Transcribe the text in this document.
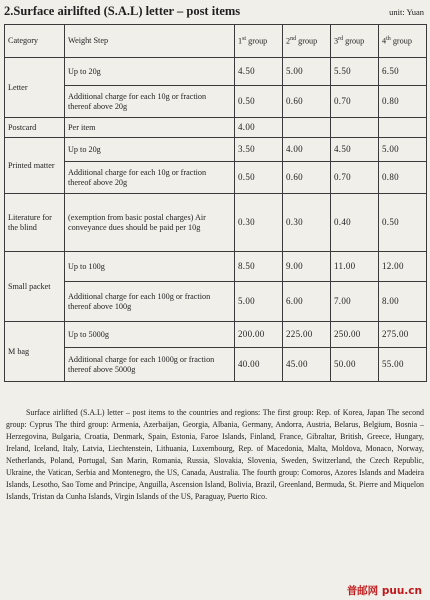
2.Surface airlifted (S.A.L) letter – post items	unit: Yuan
Category	Weight Step	1st group	2nd group	3rd group	4th group
Letter	Up to 20g	4.50	5.00	5.50	6.50
	Additional charge for each 10g or fraction thereof above 20g	0.50	0.60	0.70	0.80
Postcard	Per item	4.00			
Printed matter	Up to 20g	3.50	4.00	4.50	5.00
	Additional charge for each 10g or fraction thereof above 20g	0.50	0.60	0.70	0.80
Literature for the blind	(exemption from basic postal charges) Air conveyance dues should be paid per 10g	0.30	0.30	0.40	0.50
Small packet	Up to 100g	8.50	9.00	11.00	12.00
	Additional charge for each 100g or fraction thereof above 100g	5.00	6.00	7.00	8.00
M bag	Up to 5000g	200.00	225.00	250.00	275.00
	Additional charge for each 1000g or fraction thereof above 5000g	40.00	45.00	50.00	55.00

Surface airlifted (S.A.L) letter – post items to the countries and regions: The first group: Rep. of Korea, Japan The second group: Cyprus The third group: Armenia, Azerbaijan, Georgia, Albania, Germany, Andorra, Austria, Belarus, Belgium, Bosnia – Herzegovina, Bulgaria, Croatia, Denmark, Spain, Estonia, Faroe Islands, Finland, France, Gibraltar, British, Greece, Hungary, Ireland, Iceland, Italy, Latvia, Liechtenstein, Lithuania, Luxembourg, Rep. of Macedonia, Malta, Moldova, Monaco, Norway, Netherlands, Poland, Portugal, San Marin, Romania, Russia, Slovakia, Slovenia, Sweden, Switzerland, the Czech Republic, Ukraine, the Vatican, Serbia and Montenegro, the US, Canada, Australia. The fourth group: Comoros, Azores Islands and Madeira Islands, Lesotho, Sao Tome and Principe, Anguilla, Ascension Island, Bolivia, Brazil, Greenland, Bermuda, St. Pierre and Miquelon Islands, Tristan da Cunha Islands, Virgin Islands of the US, Paraguay, Puerto Rico.

普邮网 puu.cn
